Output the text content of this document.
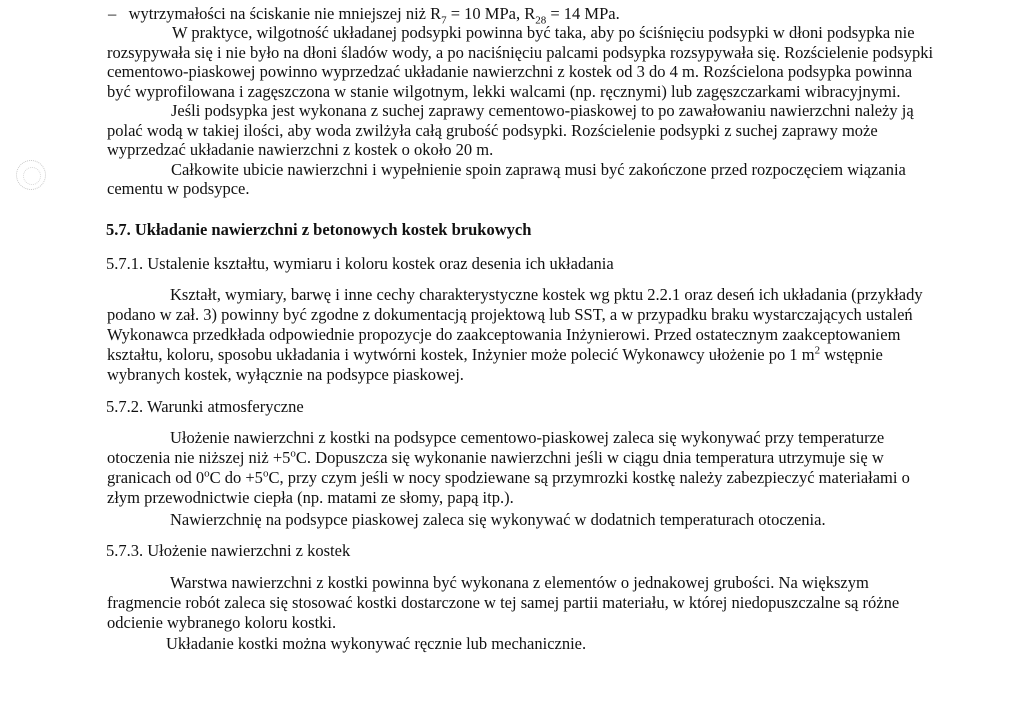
– wytrzymałości na ściskanie nie mniejszej niż $R_7 = 10$ MPa, $R_{28} = 14$ MPa.
W praktyce, wilgotność układanej podsypki powinna być taka, aby po ściśnięciu podsypki w dłoni podsypka nie
rozsypywała się i nie było na dłoni śladów wody, a po naciśnięciu palcami podsypka rozsypywała się. Rozścielenie podsypki
cementowo-piaskowej powinno wyprzedzać układanie nawierzchni z kostek od 3 do 4 m. Rozścielona podsypka powinna
być wyprofilowana i zagęszczona w stanie wilgotnym, lekki walcami (np. ręcznymi) lub zagęszczarkami wibracyjnymi.
Jeśli podsypka jest wykonana z suchej zaprawy cementowo-piaskowej to po zawałowaniu nawierzchni należy ją
polać wodą w takiej ilości, aby woda zwilżyła całą grubość podsypki. Rozścielenie podsypki z suchej zaprawy może
wyprzedzać układanie nawierzchni z kostek o około 20 m.
Całkowite ubicie nawierzchni i wypełnienie spoin zaprawą musi być zakończone przed rozpoczęciem wiązania
cementu w podsypce.
5.7. Układanie nawierzchni z betonowych kostek brukowych
5.7.1. Ustalenie kształtu, wymiaru i koloru kostek oraz desenia ich układania
Kształt, wymiary, barwę i inne cechy charakterystyczne kostek wg pktu 2.2.1 oraz deseń ich układania (przykłady
podano w zał. 3) powinny być zgodne z dokumentacją projektową lub SST, a w przypadku braku wystarczających ustaleń
Wykonawca przedkłada odpowiednie propozycje do zaakceptowania Inżynierowi. Przed ostatecznym zaakceptowaniem
kształtu, koloru, sposobu układania i wytwórni kostek, Inżynier może polecić Wykonawcy ułożenie po 1 $m^2$ wstępnie
wybranych kostek, wyłącznie na podsypce piaskowej.
5.7.2. Warunki atmosferyczne
Ułożenie nawierzchni z kostki na podsypce cementowo-piaskowej zaleca się wykonywać przy temperaturze
otoczenia nie niższej niż $+5^oC$. Dopuszcza się wykonanie nawierzchni jeśli w ciągu dnia temperatura utrzymuje się w
granicach od 0$^o$C do $+5^oC$, przy czym jeśli w nocy spodziewane są przymrozki kostkę należy zabezpieczyć materiałami o
złym przewodnictwie ciepła (np. matami ze słomy, papą itp.).
Nawierzchnię na podsypce piaskowej zaleca się wykonywać w dodatnich temperaturach otoczenia.
5.7.3. Ułożenie nawierzchni z kostek
Warstwa nawierzchni z kostki powinna być wykonana z elementów o jednakowej grubości. Na większym
fragmencie robót zaleca się stosować kostki dostarczone w tej samej partii materiału, w której niedopuszczalne są różne
odcienie wybranego koloru kostki.
Układanie kostki można wykonywać ręcznie lub mechanicznie.
